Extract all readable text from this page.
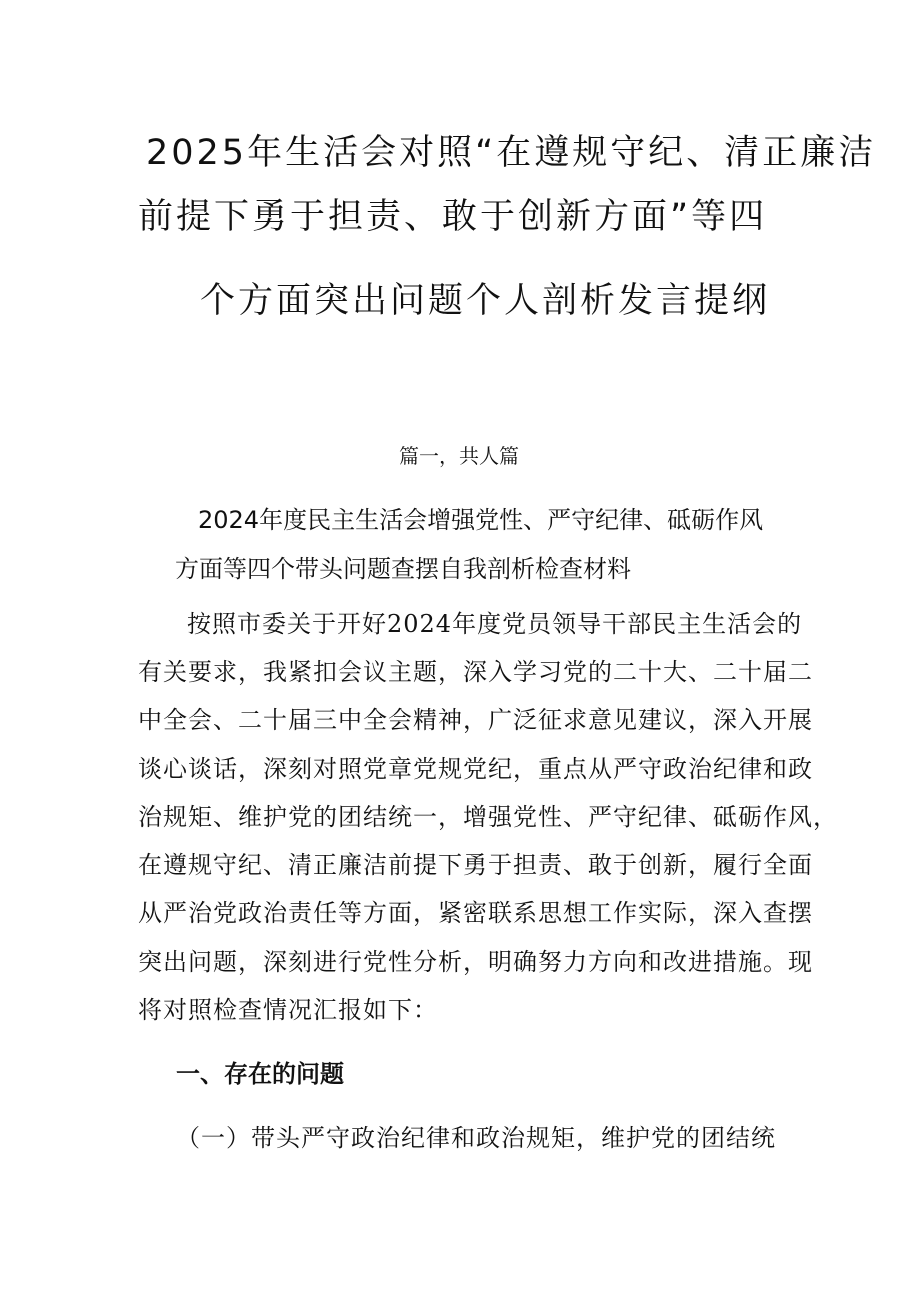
2025年生活会对照“在遵规守纪、清正廉洁
前提下勇于担责、敢于创新方面”等四
个方面突出问题个人剖析发言提纲
篇一，共人篇
2024年度民主生活会增强党性、严守纪律、砥砺作风
方面等四个带头问题查摆自我剖析检查材料
按照市委关于开好2024年度党员领导干部民主生活会的
有关要求，我紧扣会议主题，深入学习党的二十大、二十届二
中全会、二十届三中全会精神，广泛征求意见建议，深入开展
谈心谈话，深刻对照党章党规党纪，重点从严守政治纪律和政
治规矩、维护党的团结统一，增强党性、严守纪律、砥砺作风，
在遵规守纪、清正廉洁前提下勇于担责、敢于创新，履行全面
从严治党政治责任等方面，紧密联系思想工作实际，深入查摆
突出问题，深刻进行党性分析，明确努力方向和改进措施。现
将对照检查情况汇报如下：
一、存在的问题
（一）带头严守政治纪律和政治规矩，维护党的团结统
